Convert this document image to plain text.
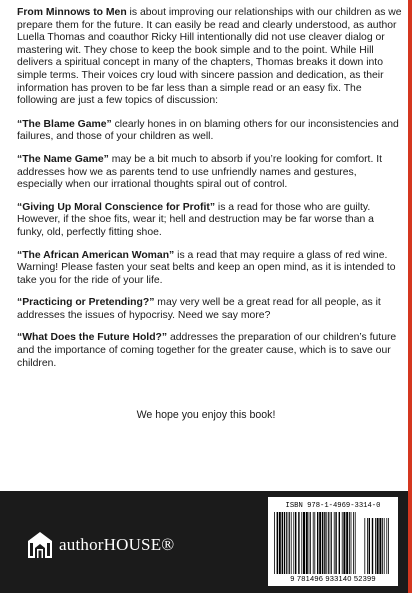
From Minnows to Men is about improving our relationships with our children as we prepare them for the future. It can easily be read and clearly understood, as author Luella Thomas and coauthor Ricky Hill intentionally did not use cleaver dialog or mastering wit. They chose to keep the book simple and to the point. While Hill delivers a spiritual concept in many of the chapters, Thomas breaks it down into simple terms. Their voices cry loud with sincere passion and dedication, as their information has proven to be far less than a simple read or an easy fix. The following are just a few topics of discussion:

“The Blame Game” clearly hones in on blaming others for our inconsistencies and failures, and those of your children as well.

“The Name Game” may be a bit much to absorb if you’re looking for comfort. It addresses how we as parents tend to use unfriendly names and gestures, especially when our irrational thoughts spiral out of control.

“Giving Up Moral Conscience for Profit” is a read for those who are guilty. However, if the shoe fits, wear it; hell and destruction may be far worse than a funky, old, perfectly fitting shoe.

“The African American Woman” is a read that may require a glass of red wine. Warning! Please fasten your seat belts and keep an open mind, as it is intended to take you for the ride of your life.

“Practicing or Pretending?” may very well be a great read for all people, as it addresses the issues of hypocrisy. Need we say more?

“What Does the Future Hold?” addresses the preparation of our children’s future and the importance of coming together for the greater cause, which is to save our children.

We hope you enjoy this book!
authorHOUSE®
ISBN 978-1-4969-3314-0
9 781496 933140 52399
